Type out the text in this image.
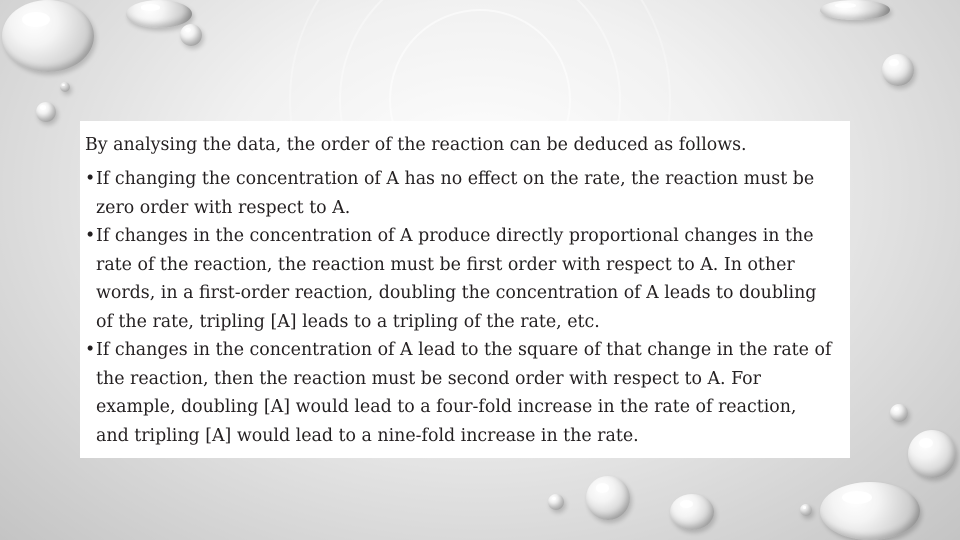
By analysing the data, the order of the reaction can be deduced as follows.

• If changing the concentration of A has no effect on the rate, the reaction must be zero order with respect to A.
• If changes in the concentration of A produce directly proportional changes in the rate of the reaction, the reaction must be first order with respect to A. In other words, in a first-order reaction, doubling the concentration of A leads to doubling of the rate, tripling [A] leads to a tripling of the rate, etc.
• If changes in the concentration of A lead to the square of that change in the rate of the reaction, then the reaction must be second order with respect to A. For example, doubling [A] would lead to a four-fold increase in the rate of reaction, and tripling [A] would lead to a nine-fold increase in the rate.
